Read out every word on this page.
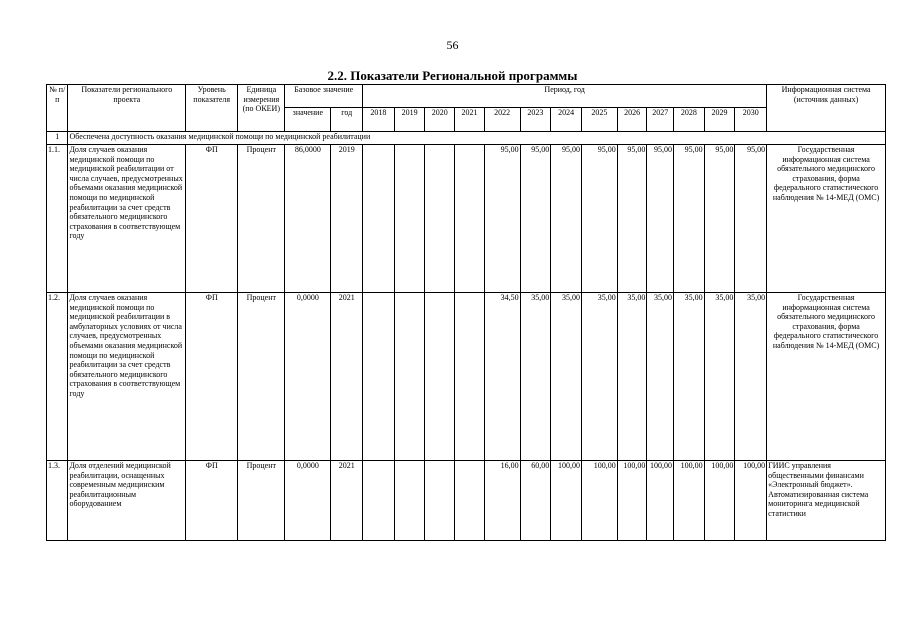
56
2.2. Показатели Региональной программы
№ п/п	Показатели регионального проекта	Уровень показателя	Единица измерения (по ОКЕИ)	Базовое значение		Период, год													Информационная система (источник данных)
				значение	год	2018	2019	2020	2021	2022	2023	2024	2025	2026	2027	2028	2029	2030	
1	Обеспечена доступность оказания медицинской помощи по медицинской реабилитации																		
1.1.	Доля случаев оказания медицинской помощи по медицинской реабилитации от числа случаев, предусмотренных объемами оказания медицинской помощи по медицинской реабилитации за счет средств обязательного медицинского страхования в соответствующем году	ФП	Процент	86,0000	2019					95,00	95,00	95,00	95,00	95,00	95,00	95,00	95,00	95,00	Государственная информационная система обязательного медицинского страхования, форма федерального статистического наблюдения № 14-МЕД (ОМС)
1.2.	Доля случаев оказания медицинской помощи по медицинской реабилитации в амбулаторных условиях от числа случаев, предусмотренных объемами оказания медицинской помощи по медицинской реабилитации за счет средств обязательного медицинского страхования в соответствующем году	ФП	Процент	0,0000	2021					34,50	35,00	35,00	35,00	35,00	35,00	35,00	35,00	35,00	Государственная информационная система обязательного медицинского страхования, форма федерального статистического наблюдения № 14-МЕД (ОМС)
1.3.	Доля отделений медицинской реабилитации, оснащенных современным медицинским реабилитационным оборудованием	ФП	Процент	0,0000	2021					16,00	60,00	100,00	100,00	100,00	100,00	100,00	100,00	100,00	ГИИС управления общественными финансами «Электронный бюджет». Автоматизированная система мониторинга медицинской статистики
